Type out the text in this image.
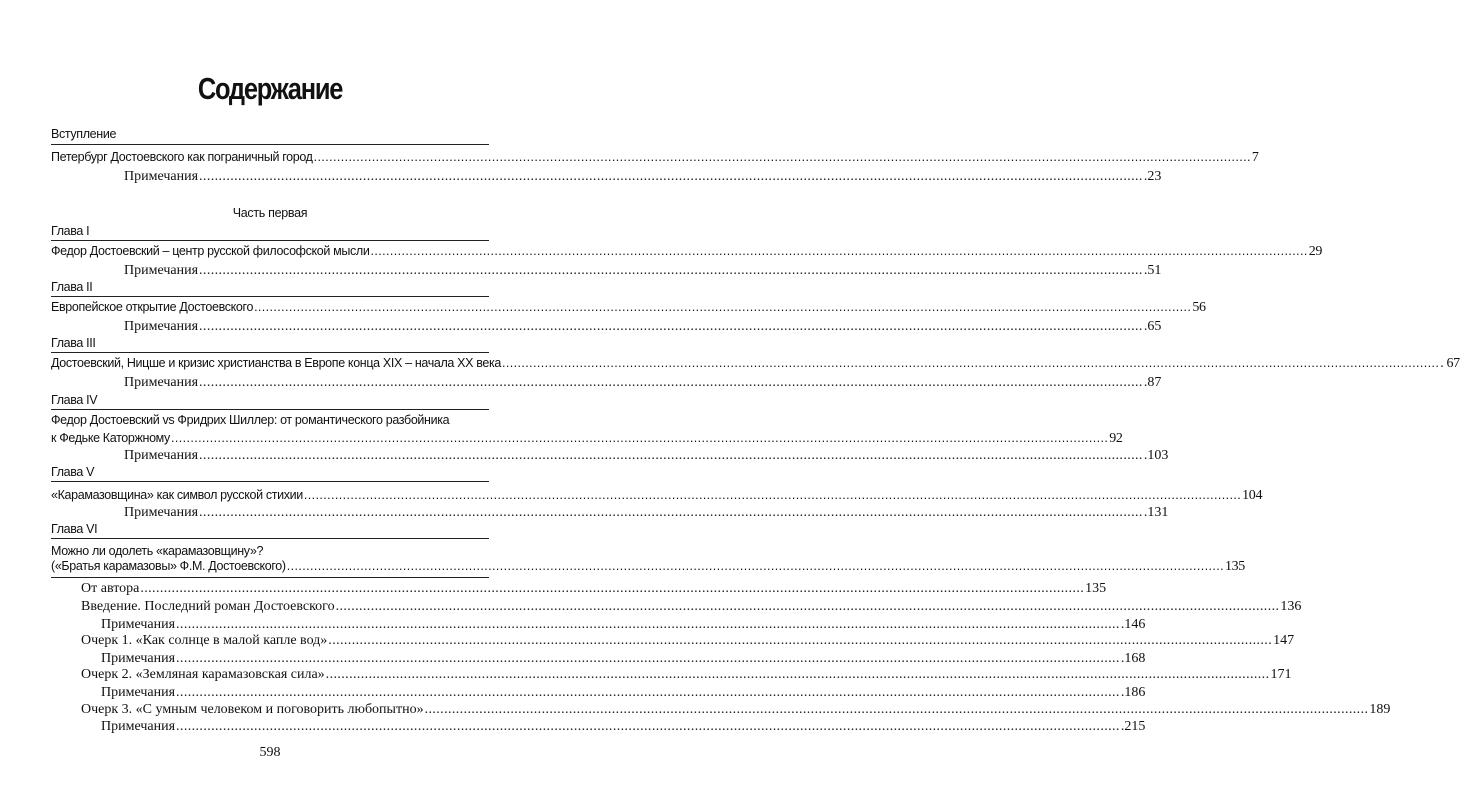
Содержание
Вступление
Петербург Достоевского как пограничный город .....	7
Примечания .....	.23
Часть первая
Глава I
Федор Достоевский – центр русской философской мысли .....	29
Примечания .....	.51
Глава II
Европейское открытие Достоевского .....	56
Примечания .....	.65
Глава III
Достоевский, Ницше и кризис христианства в Европе конца XIX – начала XX века .....	. 67
Примечания .....	.87
Глава IV
Федор Достоевский vs Фридрих Шиллер: от романтического разбойника
к Федьке Каторжному .....	92
Примечания .....	.103
Глава V
«Карамазовщина» как символ русской стихии .....	104
Примечания .....	.131
Глава VI
Можно ли одолеть «карамазовщину»?
(«Братья карамазовы» Ф.М. Достоевского) .....	135
От автора .....	135
Введение. Последний роман Достоевского .....	136
Примечания .....	.146
Очерк 1. «Как солнце в малой капле вод» .....	147
Примечания .....	.168
Очерк 2. «Земляная карамазовская сила» .....	171
Примечания .....	.186
Очерк 3. «С умным человеком и поговорить любопытно» .....	189
Примечания .....	.215
598
